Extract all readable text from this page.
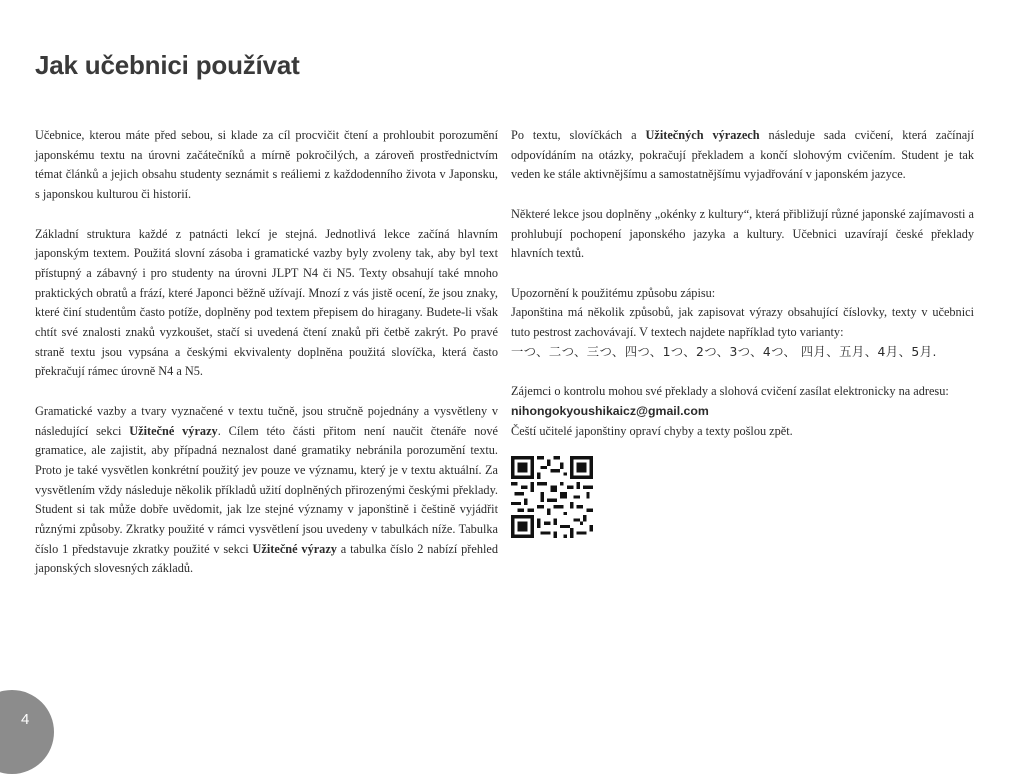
Jak učebnici používat

Učebnice, kterou máte před sebou, si klade za cíl procvičit čtení a prohloubit porozumění japonskému textu na úrovni začátečníků a mírně pokročilých, a zároveň prostřednictvím témat článků a jejich obsahu studenty seznámit s reáliemi z každodenního života v Japonsku, s japonskou kulturou či historií.

Základní struktura každé z patnácti lekcí je stejná. Jednotlivá lekce začíná hlavním japonským textem. Použitá slovní zásoba i gramatické vazby byly zvoleny tak, aby byl text přístupný a zábavný i pro studenty na úrovni JLPT N4 či N5. Texty obsahují také mnoho praktických obratů a frází, které Japonci běžně užívají. Mnozí z vás jistě ocení, že jsou znaky, které činí studentům často potíže, doplněny pod textem přepisem do hiragany. Budete-li však chtít své znalosti znaků vyzkoušet, stačí si uvedená čtení znaků při četbě zakrýt. Po pravé straně textu jsou vypsána a českými ekvivalenty doplněna použitá slovíčka, která často překračují rámec úrovně N4 a N5.

Gramatické vazby a tvary vyznačené v textu tučně, jsou stručně pojednány a vysvětleny v následující sekci Užitečné výrazy. Cílem této části přitom není naučit čtenáře nové gramatice, ale zajistit, aby případná neznalost dané gramatiky nebránila porozumění textu. Proto je také vysvětlen konkrétní použitý jev pouze ve významu, který je v textu aktuální. Za vysvětlením vždy následuje několik příkladů užití doplněných přirozenými českými překlady. Student si tak může dobře uvědomit, jak lze stejné významy v japonštině i češtině vyjádřit různými způsoby. Zkratky použité v rámci vysvětlení jsou uvedeny v tabulkách níže. Tabulka číslo 1 představuje zkratky použité v sekci Užitečné výrazy a tabulka číslo 2 nabízí přehled japonských slovesných základů.

Po textu, slovíčkách a Užitečných výrazech následuje sada cvičení, která začínají odpovídáním na otázky, pokračují překladem a končí slohovým cvičením. Student je tak veden ke stále aktivnějšímu a samostatnějšímu vyjadřování v japonském jazyce.

Některé lekce jsou doplněny „okénky z kultury“, která přibližují různé japonské zajímavosti a prohlubují pochopení japonského jazyka a kultury. Učebnici uzavírají české překlady hlavních textů.

Upozornění k použitému způsobu zápisu:
Japonština má několik způsobů, jak zapisovat výrazy obsahující číslovky, texty v učebnici tuto pestrost zachovávají. V textech najdete například tyto varianty:
一つ、二つ、三つ、四つ、1つ、2つ、3つ、4つ、 四月、五月、4月、5月.
Zájemci o kontrolu mohou své překlady a slohová cvičení zasílat elektronicky na adresu:
nihongokyoushikaicz@gmail.com
Čeští učitelé japonštiny opraví chyby a texty pošlou zpět.
4
